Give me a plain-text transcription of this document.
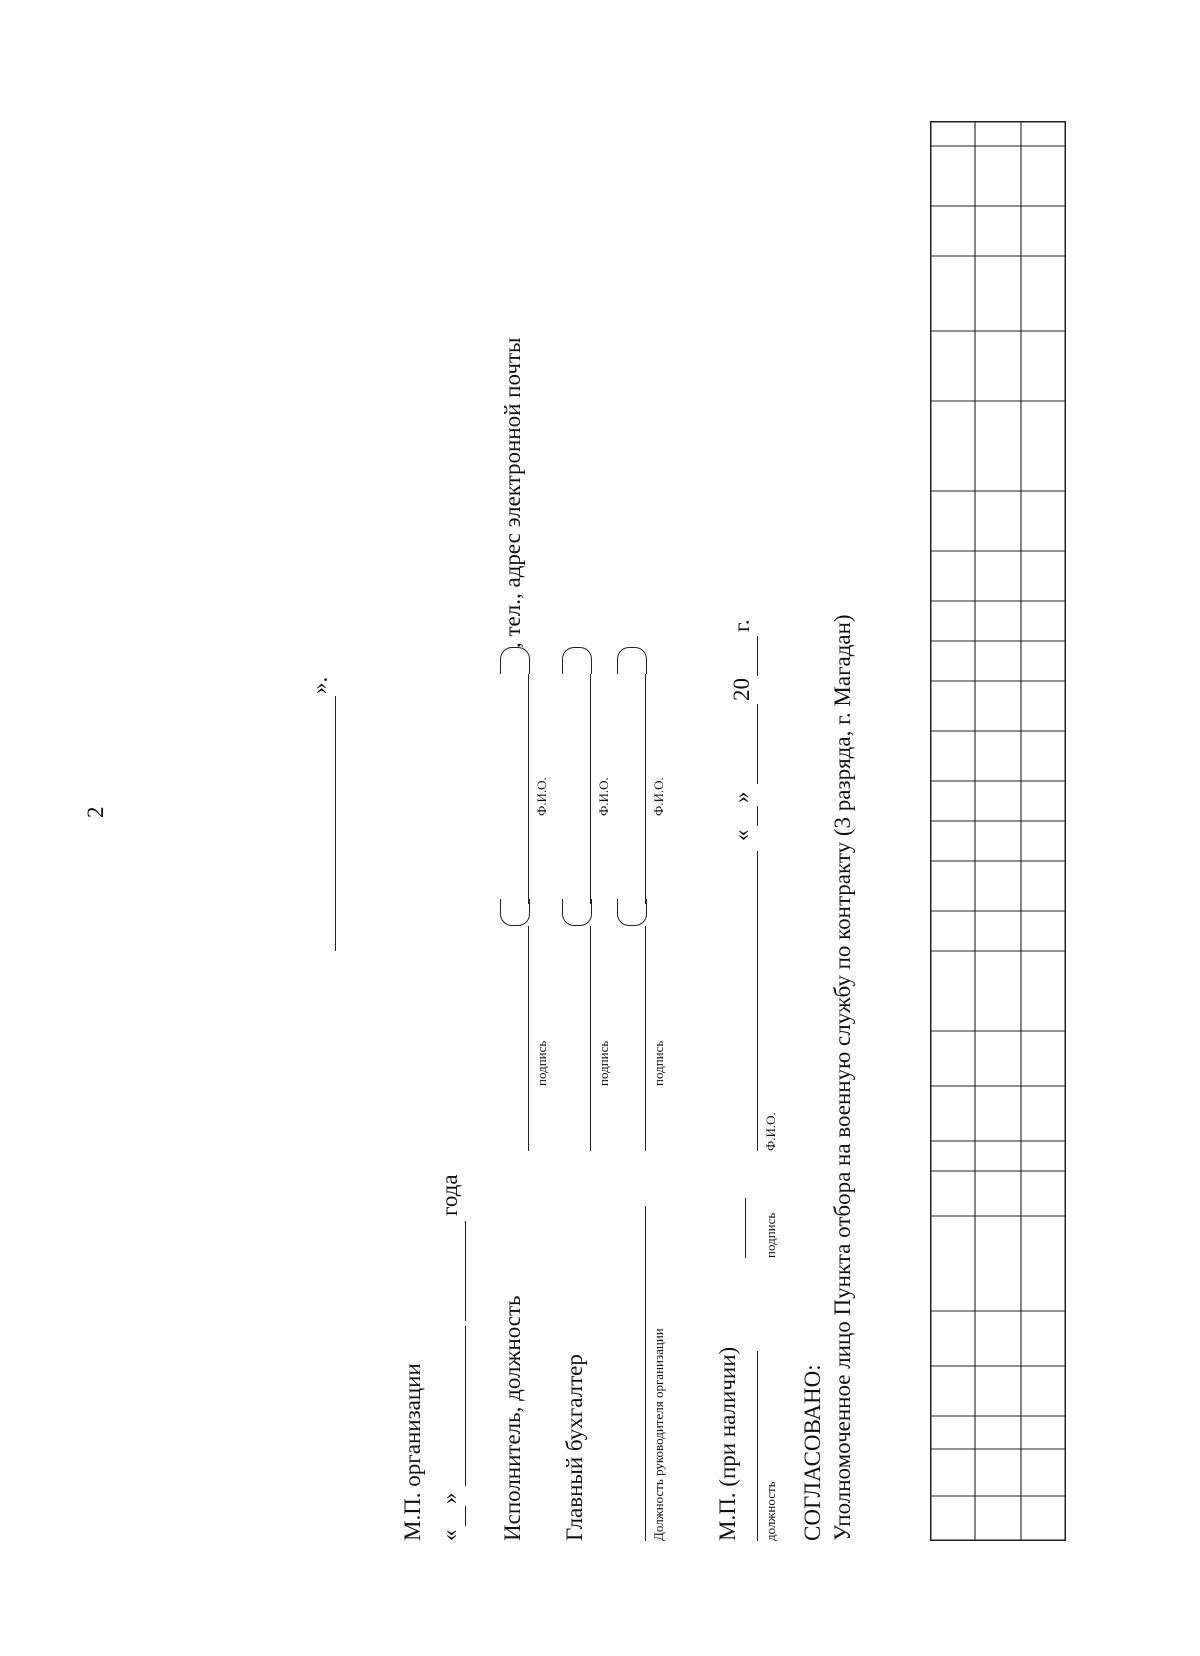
2
СОГЛАСОВАНО: Уполномоченное лицо Пункта отбора на военную службу по контракту (3 разряда, г. Магадан)
должность
подпись
Ф.И.О.
«
»
20
г.
М.П. (при наличии)
Должность руководителя организации
подпись
Ф.И.О.
Главный бухгалтер
подпись
Ф.И.О.
Исполнитель, должность
подпись
Ф.И.О.
, тел., адрес электронной почты
«
»
года
М.П. организации
».
